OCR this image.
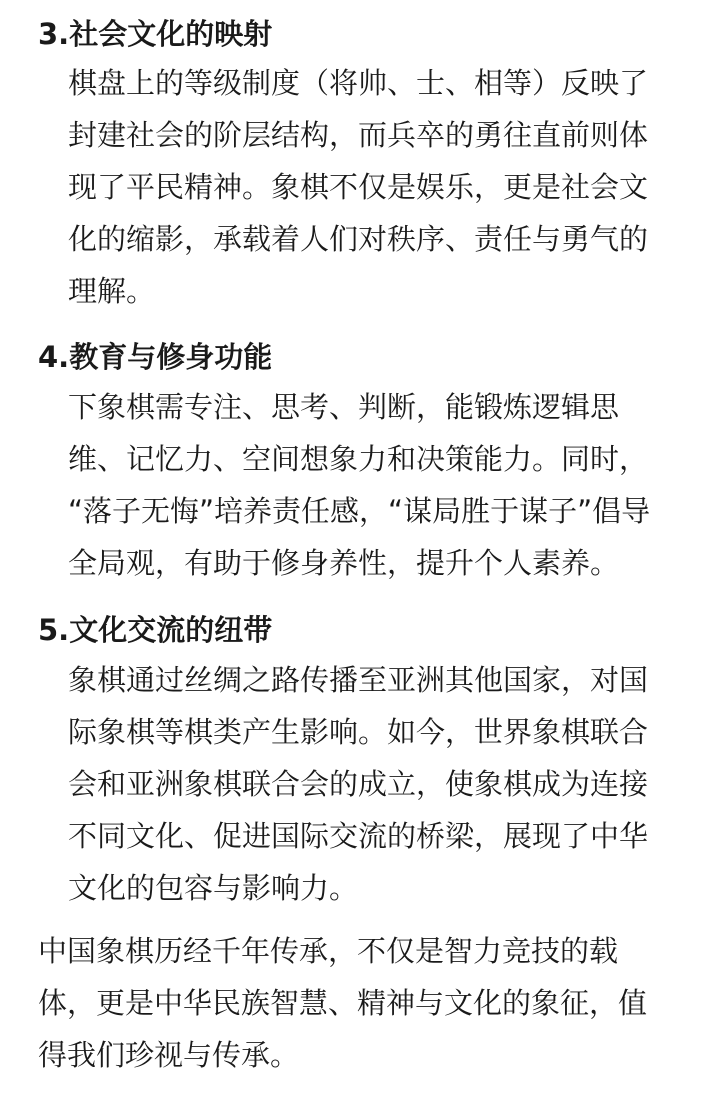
3.社会文化的映射
棋盘上的等级制度（将帅、士、相等）反映了
封建社会的阶层结构，而兵卒的勇往直前则体
现了平民精神。象棋不仅是娱乐，更是社会文
化的缩影，承载着人们对秩序、责任与勇气的
理解。
4.教育与修身功能
下象棋需专注、思考、判断，能锻炼逻辑思
维、记忆力、空间想象力和决策能力。同时，
“落子无悔”培养责任感，“谋局胜于谋子”倡导
全局观，有助于修身养性，提升个人素养。
5.文化交流的纽带
象棋通过丝绸之路传播至亚洲其他国家，对国
际象棋等棋类产生影响。如今，世界象棋联合
会和亚洲象棋联合会的成立，使象棋成为连接
不同文化、促进国际交流的桥梁，展现了中华
文化的包容与影响力。
中国象棋历经千年传承，不仅是智力竞技的载
体，更是中华民族智慧、精神与文化的象征，值
得我们珍视与传承。
